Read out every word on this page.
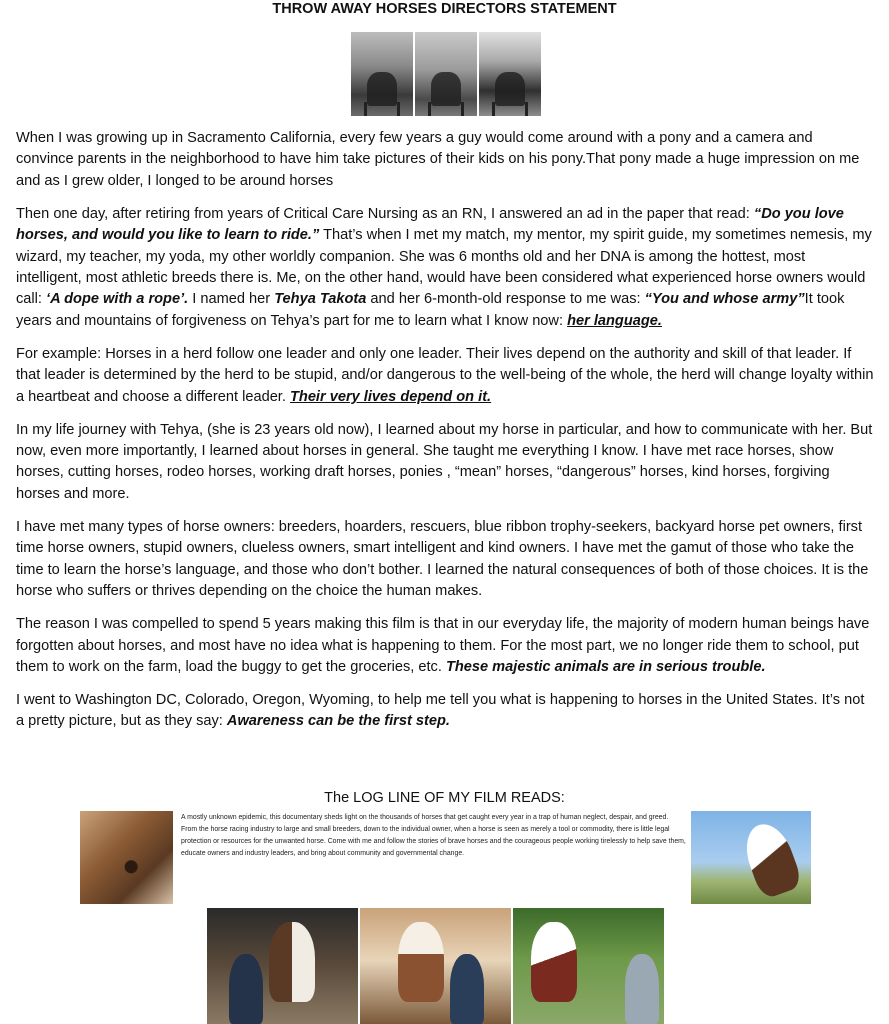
THROW AWAY HORSES DIRECTORS STATEMENT

When I was growing up in Sacramento California, every few years a guy would come around with a pony and a camera and convince parents in the neighborhood to have him take pictures of their kids on his pony.That pony made a huge impression on me and as I grew older, I longed to be around horses

Then one day, after retiring from years of Critical Care Nursing as an RN, I answered an ad in the paper that read: “Do you love horses, and would you like to learn to ride.” That’s when I met my match, my mentor, my spirit guide, my sometimes nemesis, my wizard, my teacher, my yoda, my other worldly companion. She was 6 months old and her DNA is among the hottest, most intelligent, most athletic breeds there is. Me, on the other hand, would have been considered what experienced horse owners would call: ‘A dope with a rope’. I named her Tehya Takota and her 6-month-old response to me was: “You and whose army”It took years and mountains of forgiveness on Tehya’s part for me to learn what I know now: her language.

For example: Horses in a herd follow one leader and only one leader. Their lives depend on the authority and skill of that leader. If that leader is determined by the herd to be stupid, and/or dangerous to the well-being of the whole, the herd will change loyalty within a heartbeat and choose a different leader. Their very lives depend on it.

In my life journey with Tehya, (she is 23 years old now), I learned about my horse in particular, and how to communicate with her. But now, even more importantly, I learned about horses in general. She taught me everything I know. I have met race horses, show horses, cutting horses, rodeo horses, working draft horses, ponies , “mean” horses, “dangerous” horses, kind horses, forgiving horses and more.

I have met many types of horse owners: breeders, hoarders, rescuers, blue ribbon trophy-seekers, backyard horse pet owners, first time horse owners, stupid owners, clueless owners, smart intelligent and kind owners. I have met the gamut of those who take the time to learn the horse’s language, and those who don’t bother. I learned the natural consequences of both of those choices. It is the horse who suffers or thrives depending on the choice the human makes.

The reason I was compelled to spend 5 years making this film is that in our everyday life, the majority of modern human beings have forgotten about horses, and most have no idea what is happening to them. For the most part, we no longer ride them to school, put them to work on the farm, load the buggy to get the groceries, etc. These majestic animals are in serious trouble.

I went to Washington DC, Colorado, Oregon, Wyoming, to help me tell you what is happening to horses in the United States. It’s not a pretty picture, but as they say: Awareness can be the first step.

The LOG LINE OF MY FILM READS:
A mostly unknown epidemic, this documentary sheds light on the thousands of horses that get caught every year in a trap of human neglect, despair, and greed. From the horse racing industry to large and small breeders, down to the individual owner, when a horse is seen as merely a tool or commodity, there is little legal protection or resources for the unwanted horse. Come with me and follow the stories of brave horses and the courageous people working tirelessly to help save them, educate owners and industry leaders, and bring about community and governmental change.
